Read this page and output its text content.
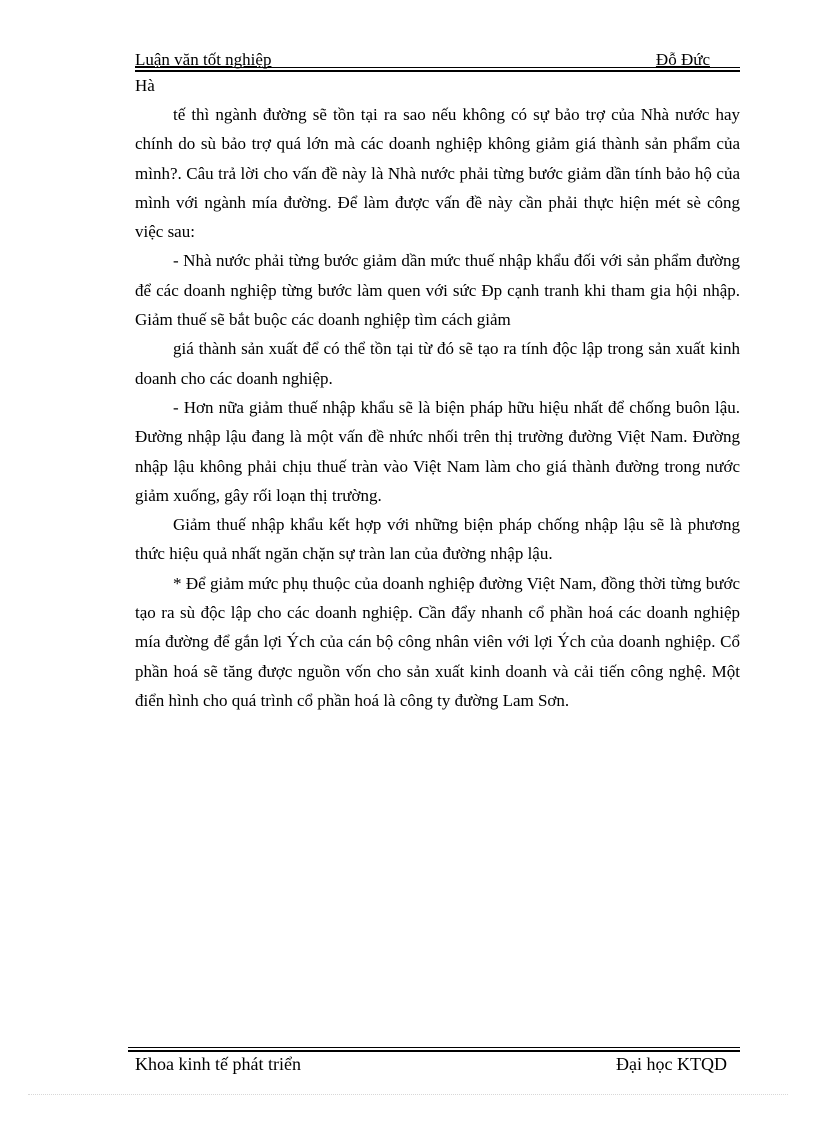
Luận văn tốt nghiệp	Đỗ Đức
Hà

tế thì ngành đường sẽ tồn tại ra sao nếu không có sự bảo trợ của Nhà nước hay chính do sù bảo trợ quá lớn mà các doanh nghiệp không giảm giá thành sản phẩm của mình?. Câu trả lời cho vấn đề này là Nhà nước phải từng bước giảm dần tính bảo hộ của mình với ngành mía đường. Để làm được vấn đề này cần phải thực hiện mét sè công việc sau:

- Nhà nước phải từng bước giảm dần mức thuế nhập khẩu đối với sản phẩm đường để các doanh nghiệp từng bước làm quen với sức Ðp cạnh tranh khi tham gia hội nhập. Giảm thuế sẽ bắt buộc các doanh nghiệp tìm cách giảm

giá thành sản xuất để có thể tồn tại từ đó sẽ tạo ra tính độc lập trong sản xuất kinh doanh cho các doanh nghiệp.

- Hơn nữa giảm thuế nhập khẩu sẽ là biện pháp hữu hiệu nhất để chống buôn lậu. Đường nhập lậu đang là một vấn đề nhức nhối trên thị trường đường Việt Nam. Đường nhập lậu không phải chịu thuế tràn vào Việt Nam làm cho giá thành đường trong nước giảm xuống, gây rối loạn thị trường.

Giảm thuế nhập khẩu kết hợp với những biện pháp chống nhập lậu sẽ là phương thức hiệu quả nhất ngăn chặn sự tràn lan của đường nhập lậu.

* Để giảm mức phụ thuộc của doanh nghiệp đường Việt Nam, đồng thời từng bước tạo ra sù độc lập cho các doanh nghiệp. Cần đẩy nhanh cổ phần hoá các doanh nghiệp mía đường để gắn lợi Ých của cán bộ công nhân viên với lợi Ých của doanh nghiệp. Cổ phần hoá sẽ tăng được nguồn vốn cho sản xuất kinh doanh và cải tiến công nghệ. Một điển hình cho quá trình cổ phần hoá là công ty đường Lam Sơn.

Khoa kinh tế phát triển	Đại học KTQD
